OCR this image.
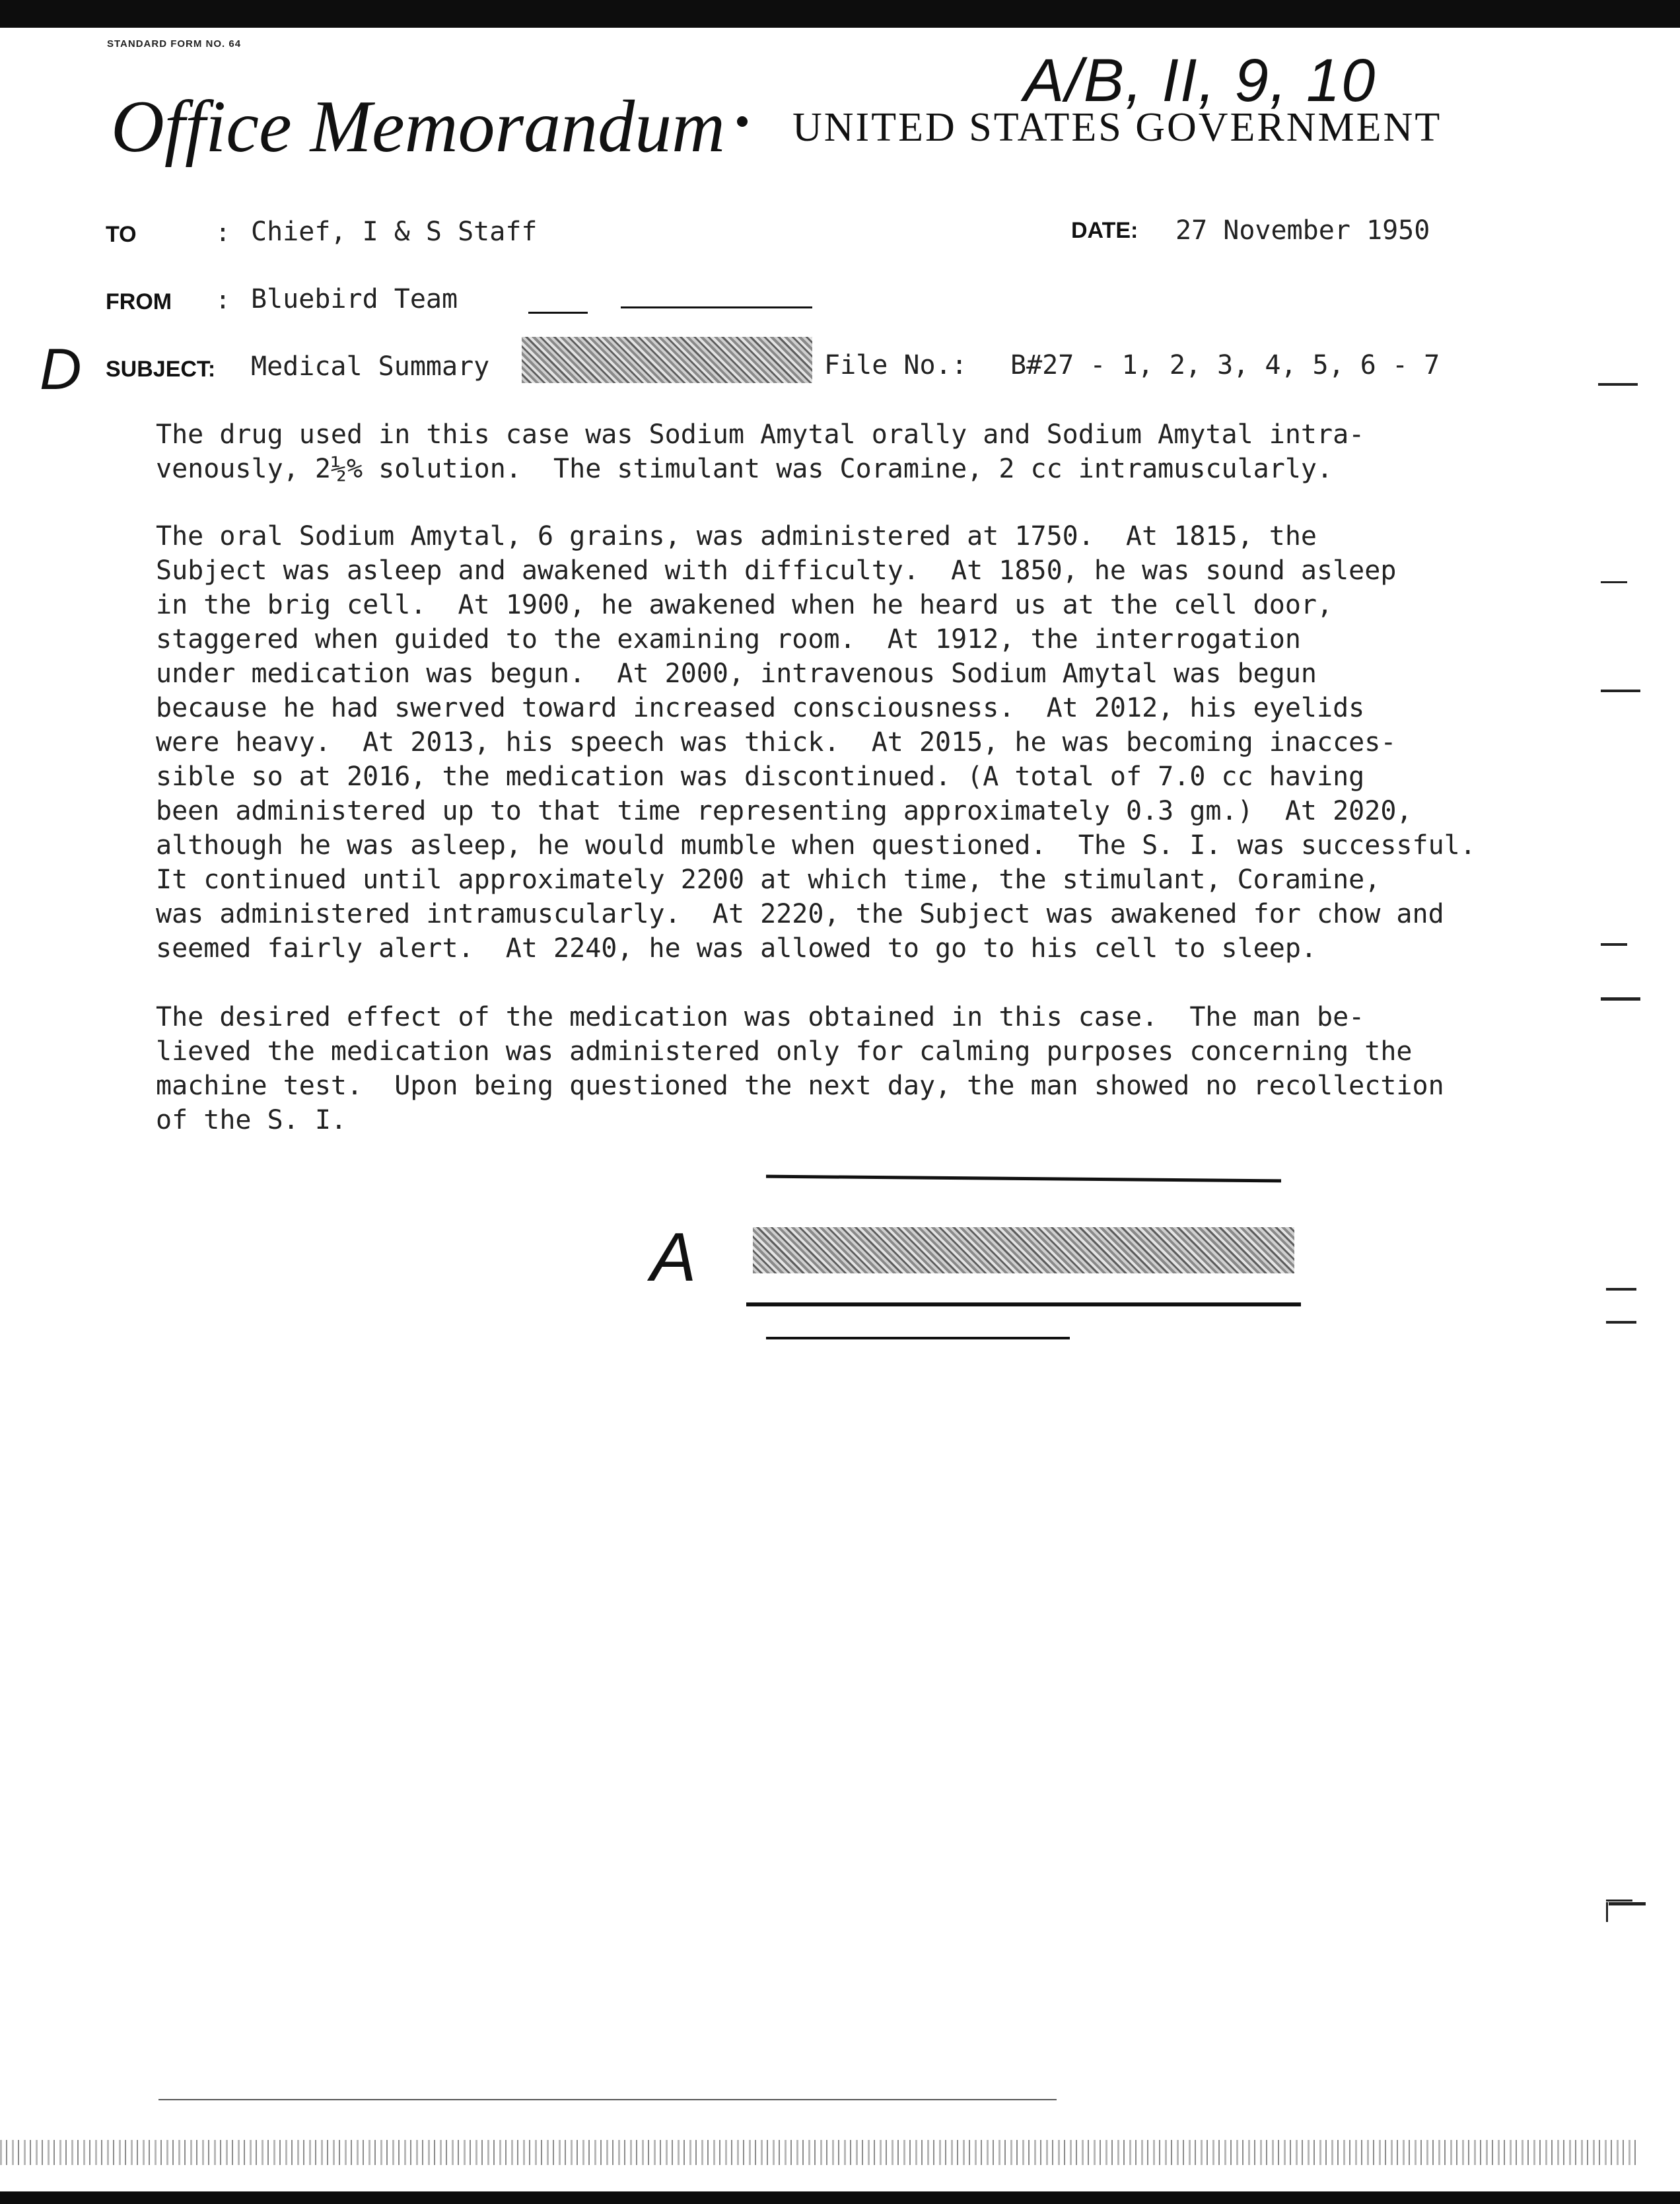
STANDARD FORM NO. 64
A/B, II, 9, 10
Office Memorandum UNITED STATES GOVERNMENT
TO	: Chief, I & S Staff	DATE: 27 November 1950
FROM : Bluebird Team
D SUBJECT: Medical Summary	File No.: B#27 - 1, 2, 3, 4, 5, 6 - 7
The drug used in this case was Sodium Amytal orally and Sodium Amytal intra-
venously, 2½% solution.  The stimulant was Coramine, 2 cc intramuscularly.
The oral Sodium Amytal, 6 grains, was administered at 1750.  At 1815, the
Subject was asleep and awakened with difficulty.  At 1850, he was sound asleep
in the brig cell.  At 1900, he awakened when he heard us at the cell door,
staggered when guided to the examining room.  At 1912, the interrogation
under medication was begun.  At 2000, intravenous Sodium Amytal was begun
because he had swerved toward increased consciousness.  At 2012, his eyelids
were heavy.  At 2013, his speech was thick.  At 2015, he was becoming inacces-
sible so at 2016, the medication was discontinued. (A total of 7.0 cc having
been administered up to that time representing approximately 0.3 gm.)  At 2020,
although he was asleep, he would mumble when questioned.  The S. I. was successful.
It continued until approximately 2200 at which time, the stimulant, Coramine,
was administered intramuscularly.  At 2220, the Subject was awakened for chow and
seemed fairly alert.  At 2240, he was allowed to go to his cell to sleep.
The desired effect of the medication was obtained in this case.  The man be-
lieved the medication was administered only for calming purposes concerning the
machine test.  Upon being questioned the next day, the man showed no recollection
of the S. I.
A
